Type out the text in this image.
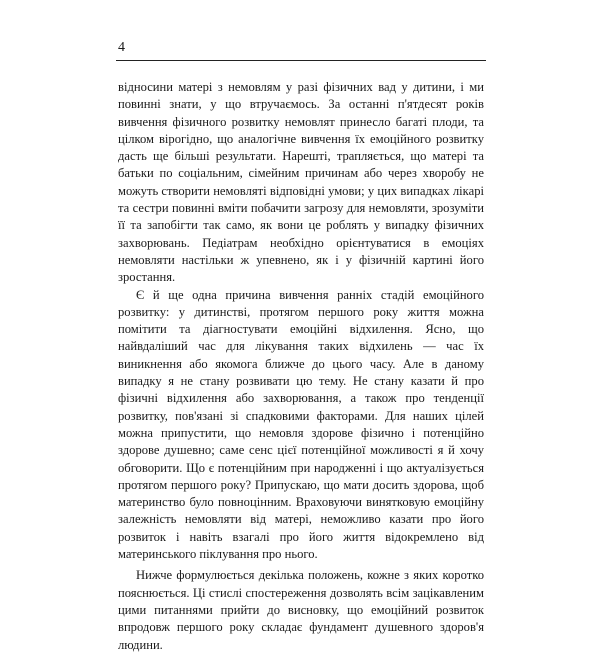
4

відносини матері з немовлям у разі фізичних вад у дитини, і ми повинні знати, у що втручаємось. За останні п'ятдесят років вивчення фізичного розвитку немовлят принесло багаті плоди, та цілком вірогідно, що аналогічне вивчення їх емоційного розвитку дасть ще більші результати. Нарешті, трапляється, що матері та батьки по соціальним, сімейним причинам або через хворобу не можуть створити немовляті відповідні умови; у цих випадках лікарі та сестри повинні вміти побачити загрозу для немовляти, зрозуміти її та запобігти так само, як вони це роблять у випадку фізичних захворювань. Педіатрам необхідно орієнтуватися в емоціях немовляти настільки ж упевнено, як і у фізичній картині його зростання.

Є й ще одна причина вивчення ранніх стадій емоційного розвитку: у дитинстві, протягом першого року життя можна помітити та діагностувати емоційні відхилення. Ясно, що найвдаліший час для лікування таких відхилень — час їх виникнення або якомога ближче до цього часу. Але в даному випадку я не стану розвивати цю тему. Не стану казати й про фізичні відхилення або захворювання, а також про тенденції розвитку, пов'язані зі спадковими факторами. Для наших цілей можна припустити, що немовля здорове фізично і потенційно здорове душевно; саме сенс цієї потенційної можливості я й хочу обговорити. Що є потенційним при народженні і що актуалізується протягом першого року? Припускаю, що мати досить здорова, щоб материнство було повноцінним. Враховуючи винятковую емоційну залежність немовляти від матері, неможливо казати про його розвиток і навіть взагалі про його життя відокремлено від материнського піклування про нього.

Нижче формулюється декілька положень, кожне з яких коротко пояснюється. Ці стислі спостереження дозволять всім зацікавленим цими питаннями прийти до висновку, що емоційний розвиток впродовж першого року складає фундамент душевного здоров'я людини.
